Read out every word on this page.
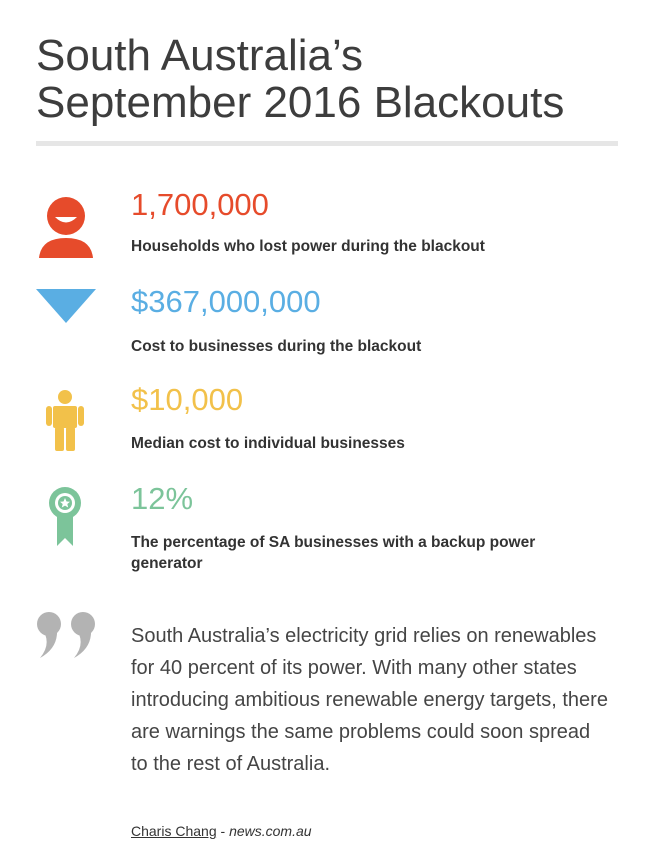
South Australia’s
September 2016 Blackouts
1,700,000
Households who lost power during the blackout
$367,000,000
Cost to businesses during the blackout
$10,000
Median cost to individual businesses
12%
The percentage of SA businesses with a backup power generator
South Australia’s electricity grid relies on renewables for 40 percent of its power. With many other states introducing ambitious renewable energy targets, there are warnings the same problems could soon spread to the rest of Australia.
Charis Chang - news.com.au
